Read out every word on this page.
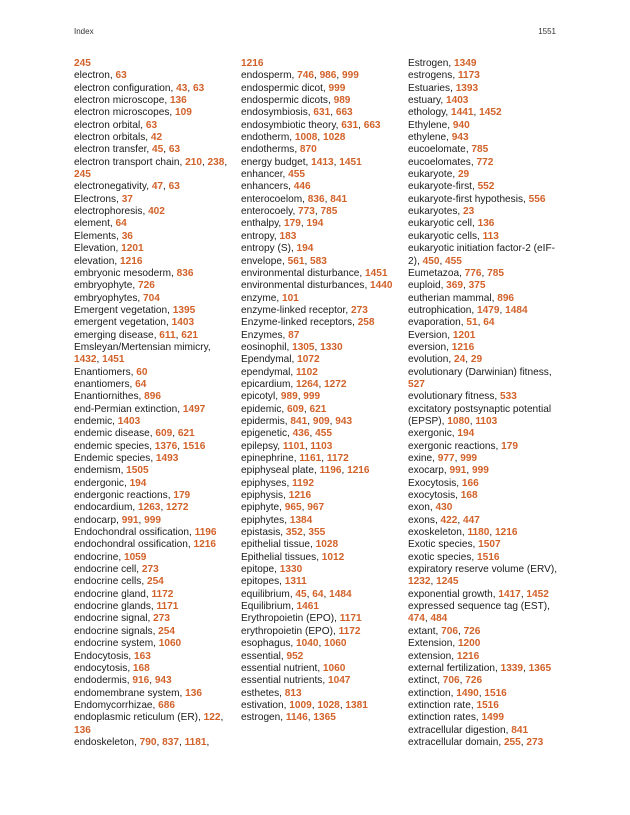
Index	1551
245
electron, 63
electron configuration, 43, 63
electron microscope, 136
electron microscopes, 109
electron orbital, 63
electron orbitals, 42
electron transfer, 45, 63
electron transport chain, 210, 238, 245
electronegativity, 47, 63
Electrons, 37
electrophoresis, 402
element, 64
Elements, 36
Elevation, 1201
elevation, 1216
embryonic mesoderm, 836
embryophyte, 726
embryophytes, 704
Emergent vegetation, 1395
emergent vegetation, 1403
emerging disease, 611, 621
Emsleyan/Mertensian mimicry, 1432, 1451
Enantiomers, 60
enantiomers, 64
Enantiornithes, 896
end-Permian extinction, 1497
endemic, 1403
endemic disease, 609, 621
endemic species, 1376, 1516
Endemic species, 1493
endemism, 1505
endergonic, 194
endergonic reactions, 179
endocardium, 1263, 1272
endocarp, 991, 999
Endochondral ossification, 1196
endochondral ossification, 1216
endocrine, 1059
endocrine cell, 273
endocrine cells, 254
endocrine gland, 1172
endocrine glands, 1171
endocrine signal, 273
endocrine signals, 254
endocrine system, 1060
Endocytosis, 163
endocytosis, 168
endodermis, 916, 943
endomembrane system, 136
Endomycorrhizae, 686
endoplasmic reticulum (ER), 122, 136
endoskeleton, 790, 837, 1181,
1216
endosperm, 746, 986, 999
endospermic dicot, 999
endospermic dicots, 989
endosymbiosis, 631, 663
endosymbiotic theory, 631, 663
endotherm, 1008, 1028
endotherms, 870
energy budget, 1413, 1451
enhancer, 455
enhancers, 446
enterocoelom, 836, 841
enterocoely, 773, 785
enthalpy, 179, 194
entropy, 183
entropy (S), 194
envelope, 561, 583
environmental disturbance, 1451
environmental disturbances, 1440
enzyme, 101
enzyme-linked receptor, 273
Enzyme-linked receptors, 258
Enzymes, 87
eosinophil, 1305, 1330
Ependymal, 1072
ependymal, 1102
epicardium, 1264, 1272
epicotyl, 989, 999
epidemic, 609, 621
epidermis, 841, 909, 943
epigenetic, 436, 455
epilepsy, 1101, 1103
epinephrine, 1161, 1172
epiphyseal plate, 1196, 1216
epiphyses, 1192
epiphysis, 1216
epiphyte, 965, 967
epiphytes, 1384
epistasis, 352, 355
epithelial tissue, 1028
Epithelial tissues, 1012
epitope, 1330
epitopes, 1311
equilibrium, 45, 64, 1484
Equilibrium, 1461
Erythropoietin (EPO), 1171
erythropoietin (EPO), 1172
esophagus, 1040, 1060
essential, 952
essential nutrient, 1060
essential nutrients, 1047
esthetes, 813
estivation, 1009, 1028, 1381
estrogen, 1146, 1365
Estrogen, 1349
estrogens, 1173
Estuaries, 1393
estuary, 1403
ethology, 1441, 1452
Ethylene, 940
ethylene, 943
eucoelomate, 785
eucoelomates, 772
eukaryote, 29
eukaryote-first, 552
eukaryote-first hypothesis, 556
eukaryotes, 23
eukaryotic cell, 136
eukaryotic cells, 113
eukaryotic initiation factor-2 (eIF-2), 450, 455
Eumetazoa, 776, 785
euploid, 369, 375
eutherian mammal, 896
eutrophication, 1479, 1484
evaporation, 51, 64
Eversion, 1201
eversion, 1216
evolution, 24, 29
evolutionary (Darwinian) fitness, 527
evolutionary fitness, 533
excitatory postsynaptic potential (EPSP), 1080, 1103
exergonic, 194
exergonic reactions, 179
exine, 977, 999
exocarp, 991, 999
Exocytosis, 166
exocytosis, 168
exon, 430
exons, 422, 447
exoskeleton, 1180, 1216
Exotic species, 1507
exotic species, 1516
expiratory reserve volume (ERV), 1232, 1245
exponential growth, 1417, 1452
expressed sequence tag (EST), 474, 484
extant, 706, 726
Extension, 1200
extension, 1216
external fertilization, 1339, 1365
extinct, 706, 726
extinction, 1490, 1516
extinction rate, 1516
extinction rates, 1499
extracellular digestion, 841
extracellular domain, 255, 273
